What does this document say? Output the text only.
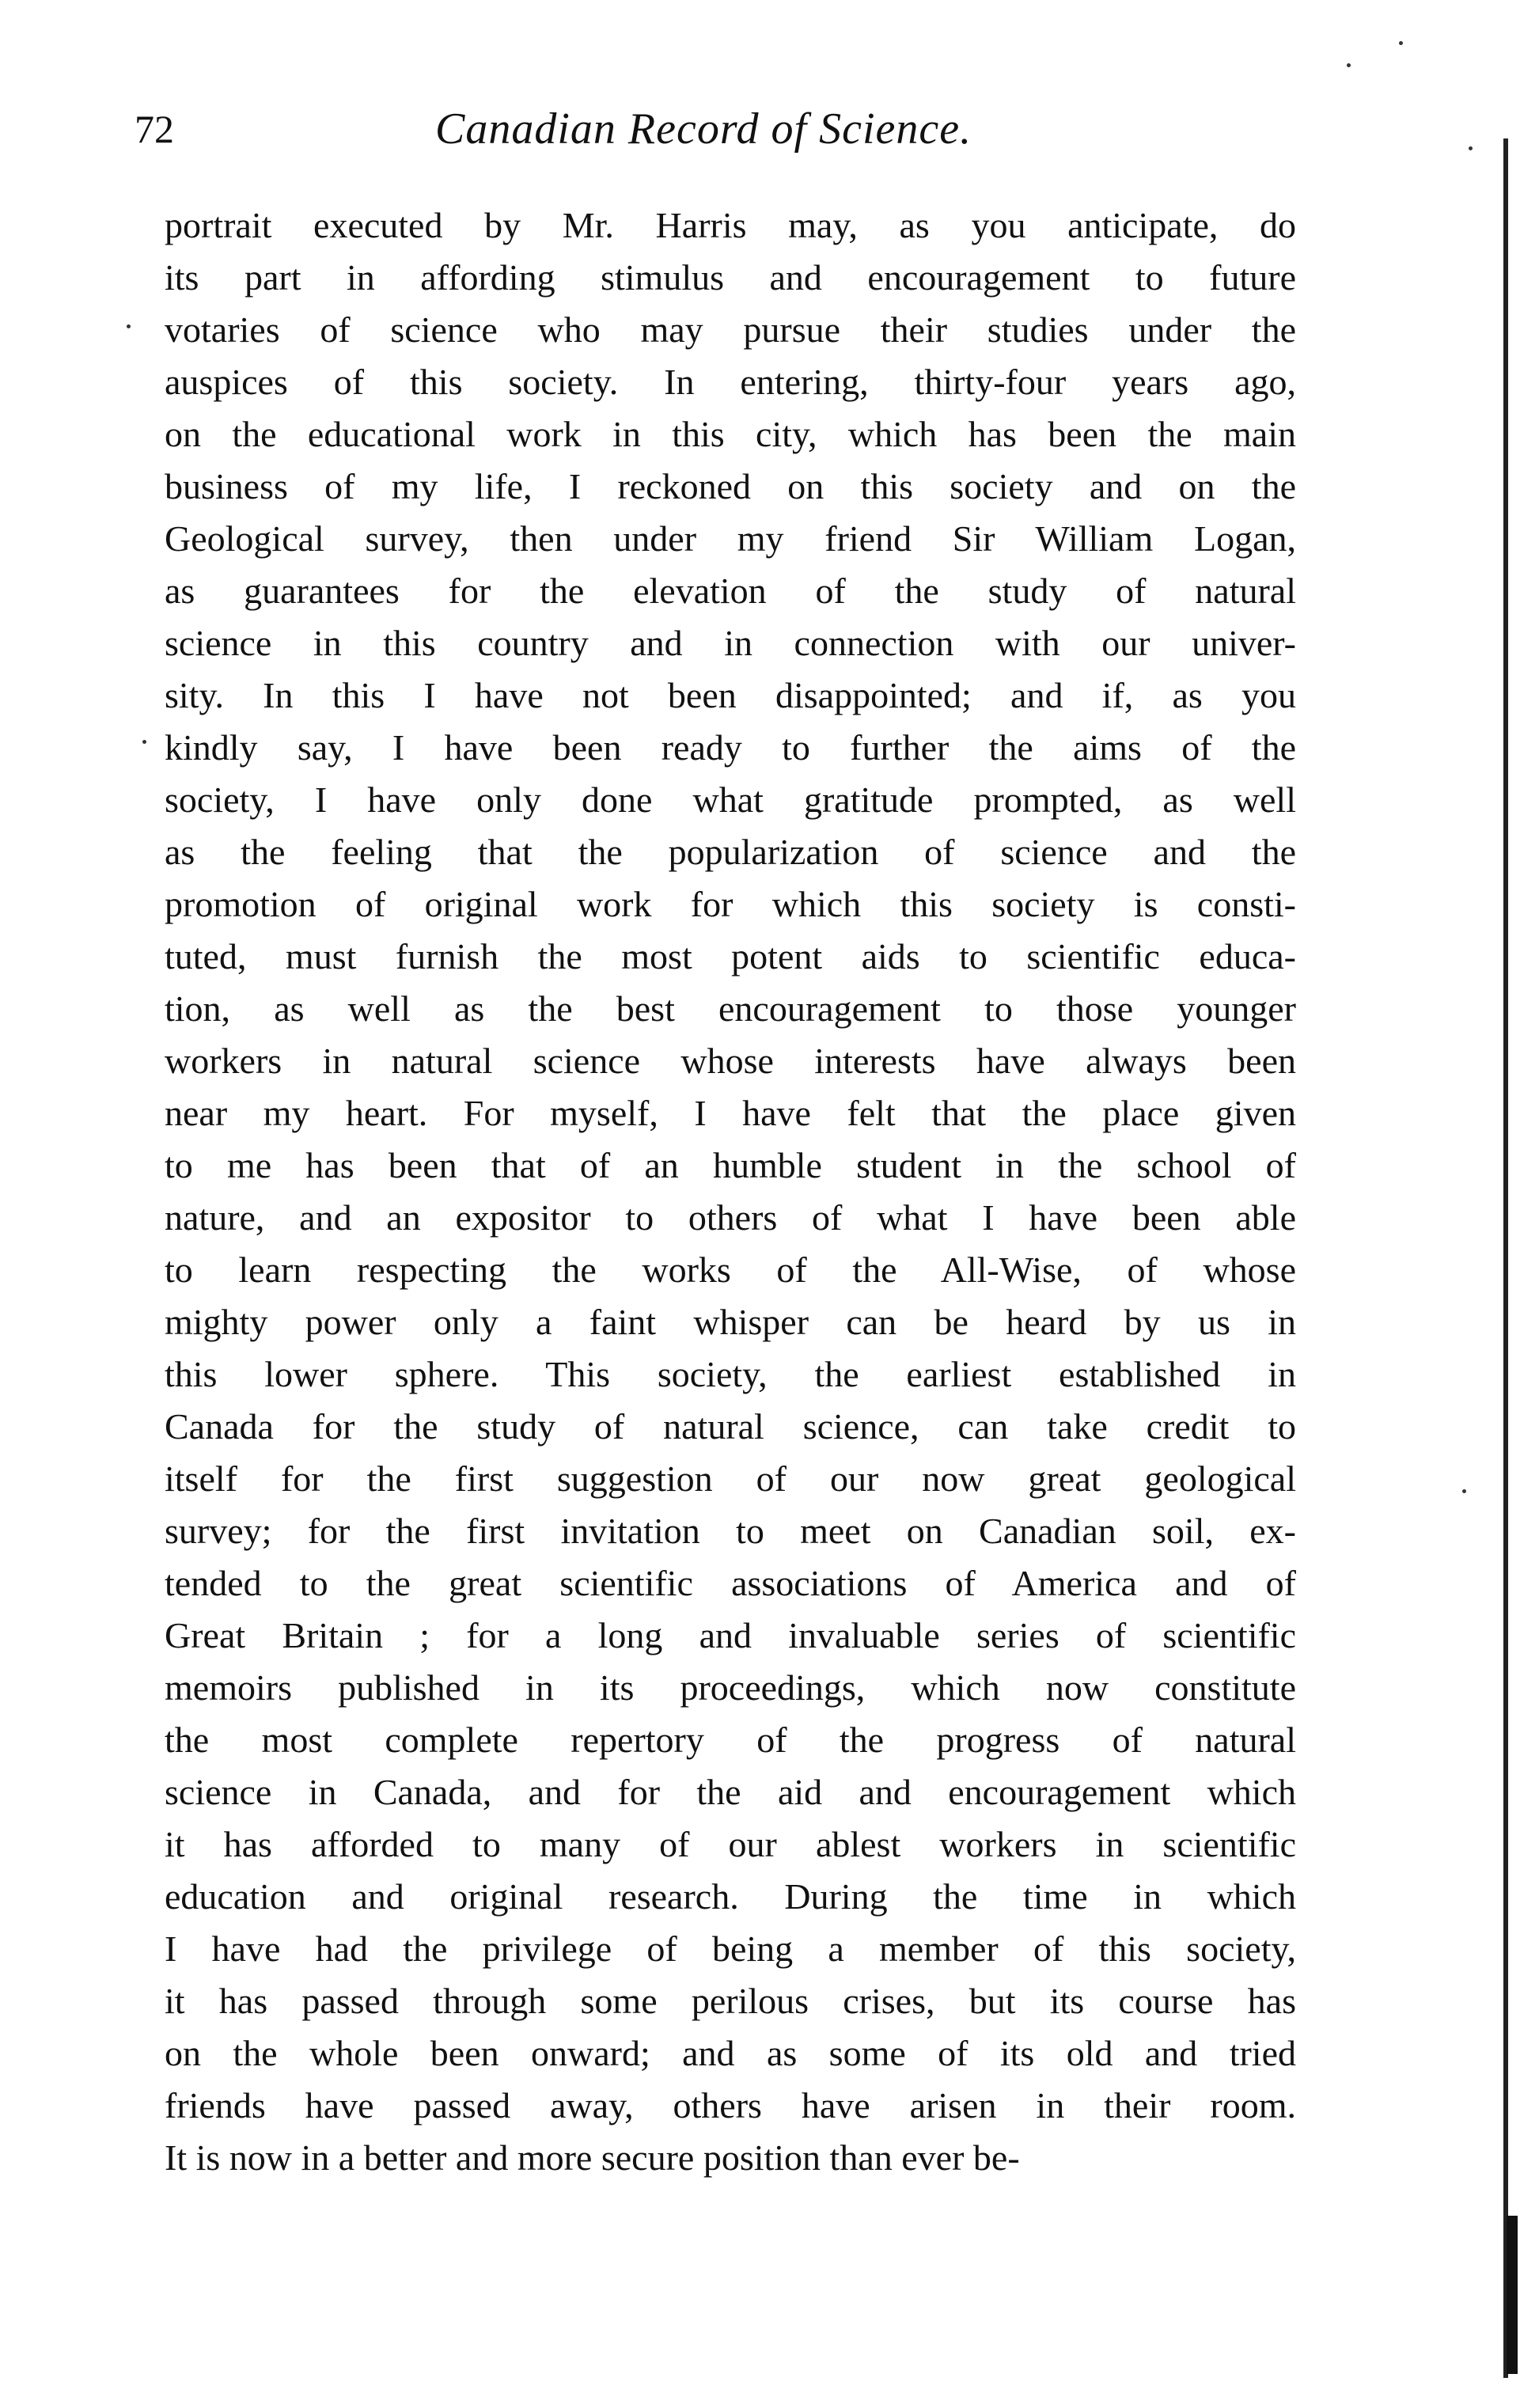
72	Canadian Record of Science.
portrait executed by Mr. Harris may, as you anticipate, do
its part in affording stimulus and encouragement to future
votaries of science who may pursue their studies under the
auspices of this society. In entering, thirty-four years ago,
on the educational work in this city, which has been the main
business of my life, I reckoned on this society and on the
Geological survey, then under my friend Sir William Logan,
as guarantees for the elevation of the study of natural
science in this country and in connection with our univer-
sity. In this I have not been disappointed; and if, as you
kindly say, I have been ready to further the aims of the
society, I have only done what gratitude prompted, as well
as the feeling that the popularization of science and the
promotion of original work for which this society is consti-
tuted, must furnish the most potent aids to scientific educa-
tion, as well as the best encouragement to those younger
workers in natural science whose interests have always been
near my heart. For myself, I have felt that the place given
to me has been that of an humble student in the school of
nature, and an expositor to others of what I have been able
to learn respecting the works of the All-Wise, of whose
mighty power only a faint whisper can be heard by us in
this lower sphere. This society, the earliest established in
Canada for the study of natural science, can take credit to
itself for the first suggestion of our now great geological
survey; for the first invitation to meet on Canadian soil, ex-
tended to the great scientific associations of America and of
Great Britain ; for a long and invaluable series of scientific
memoirs published in its proceedings, which now constitute
the most complete repertory of the progress of natural
science in Canada, and for the aid and encouragement which
it has afforded to many of our ablest workers in scientific
education and original research. During the time in which
I have had the privilege of being a member of this society,
it has passed through some perilous crises, but its course has
on the whole been onward; and as some of its old and tried
friends have passed away, others have arisen in their room.
It is now in a better and more secure position than ever be-
